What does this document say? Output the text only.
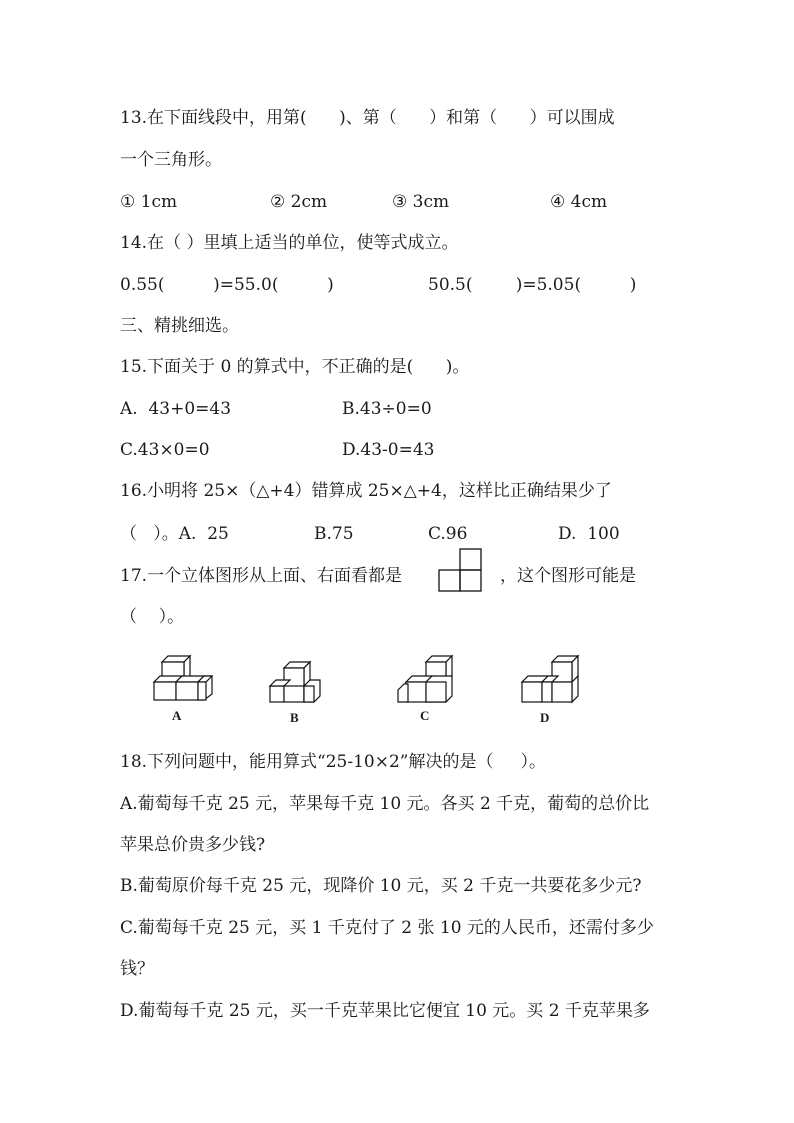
13.在下面线段中，用第(      )、第（      ）和第（      ）可以围成
一个三角形。
① 1cm	② 2cm	③ 3cm	④ 4cm
14.在（ ）里填上适当的单位，使等式成立。
0.55(         )=55.0(         )	50.5(        )=5.05(         )
三、精挑细选。
15.下面关于 0 的算式中，不正确的是(      )。
A.  43+0=43	B.43÷0=0
C.43×0=0	D.43-0=43
16.小明将 25×（△+4）错算成 25×△+4，这样比正确结果少了
（   ）。A.  25	B.75	C.96	D.  100
17.一个立体图形从上面、右面看都是	，这个图形可能是
（    ）。
A	B	C	D
18.下列问题中，能用算式“25-10×2”解决的是（     ）。
A.葡萄每千克 25 元，苹果每千克 10 元。各买 2 千克，葡萄的总价比
苹果总价贵多少钱?
B.葡萄原价每千克 25 元，现降价 10 元，买 2 千克一共要花多少元?
C.葡萄每千克 25 元，买 1 千克付了 2 张 10 元的人民币，还需付多少
钱？
D.葡萄每千克 25 元，买一千克苹果比它便宜 10 元。买 2 千克苹果多
